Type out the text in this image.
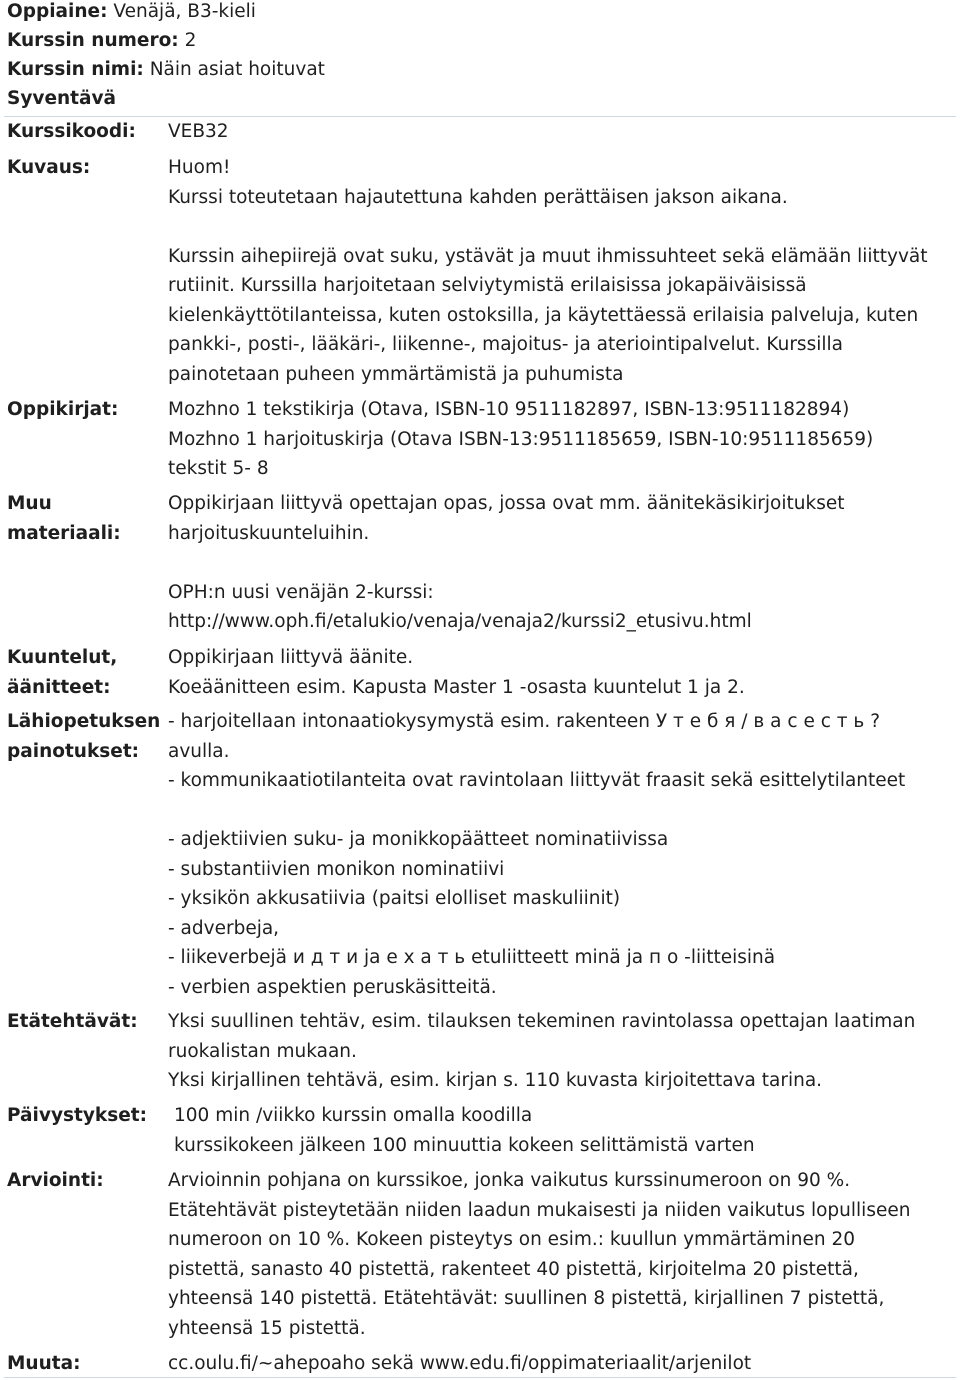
Oppiaine: Venäjä, B3-kieli
Kurssin numero: 2
Kurssin nimi: Näin asiat hoituvat
Syventävä
Kurssikoodi:	VEB32
Kuvaus:	Huom!
Kurssi toteutetaan hajautettuna kahden perättäisen jakson aikana.
Kurssin aihepiirejä ovat suku, ystävät ja muut ihmissuhteet sekä elämään liittyvät
rutiinit. Kurssilla harjoitetaan selviytymistä erilaisissa jokapäiväisissä
kielenkäyttötilanteissa, kuten ostoksilla, ja käytettäessä erilaisia palveluja, kuten
pankki-, posti-, lääkäri-, liikenne-, majoitus- ja ateriointipalvelut. Kurssilla
painotetaan puheen ymmärtämistä ja puhumista
Oppikirjat:	Mozhno 1 tekstikirja (Otava, ISBN-10 9511182897, ISBN-13:9511182894)
Mozhno 1 harjoituskirja (Otava ISBN-13:9511185659, ISBN-10:9511185659)
tekstit 5- 8
Muu
materiaali:
Oppikirjaan liittyvä opettajan opas, jossa ovat mm. äänitekäsikirjoitukset
harjoituskuunteluihin.
OPH:n uusi venäjän 2-kurssi:
http://www.oph.fi/etalukio/venaja/venaja2/kurssi2_etusivu.html
Kuuntelut,
äänitteet:
Oppikirjaan liittyvä äänite.
Koeäänitteen esim. Kapusta Master 1 -osasta kuuntelut 1 ja 2.
Lähiopetuksen
painotukset:
- harjoitellaan intonaatiokysymystä esim. rakenteen У т е б я / в а с е с т ь ?
avulla.
- kommunikaatiotilanteita ovat ravintolaan liittyvät fraasit sekä esittelytilanteet
- adjektiivien suku- ja monikkopäätteet nominatiivissa
- substantiivien monikon nominatiivi
- yksikön akkusatiivia (paitsi elolliset maskuliinit)
- adverbeja,
- liikeverbejä и д т и ja е х а т ь etuliitteett minä ja п о -liitteisinä
- verbien aspektien peruskäsitteitä.
Etätehtävät:	Yksi suullinen tehtäv, esim. tilauksen tekeminen ravintolassa opettajan laatiman
ruokalistan mukaan.
Yksi kirjallinen tehtävä, esim. kirjan s. 110 kuvasta kirjoitettava tarina.
Päivystykset:	100 min /viikko kurssin omalla koodilla
kurssikokeen jälkeen 100 minuuttia kokeen selittämistä varten
Arviointi:	Arvioinnin pohjana on kurssikoe, jonka vaikutus kurssinumeroon on 90 %.
Etätehtävät pisteytetään niiden laadun mukaisesti ja niiden vaikutus lopulliseen
numeroon on 10 %. Kokeen pisteytys on esim.: kuullun ymmärtäminen 20
pistettä, sanasto 40 pistettä, rakenteet 40 pistettä, kirjoitelma 20 pistettä,
yhteensä 140 pistettä. Etätehtävät: suullinen 8 pistettä, kirjallinen 7 pistettä,
yhteensä 15 pistettä.
Muuta:	cc.oulu.fi/~ahepoaho sekä www.edu.fi/oppimateriaalit/arjenilot
